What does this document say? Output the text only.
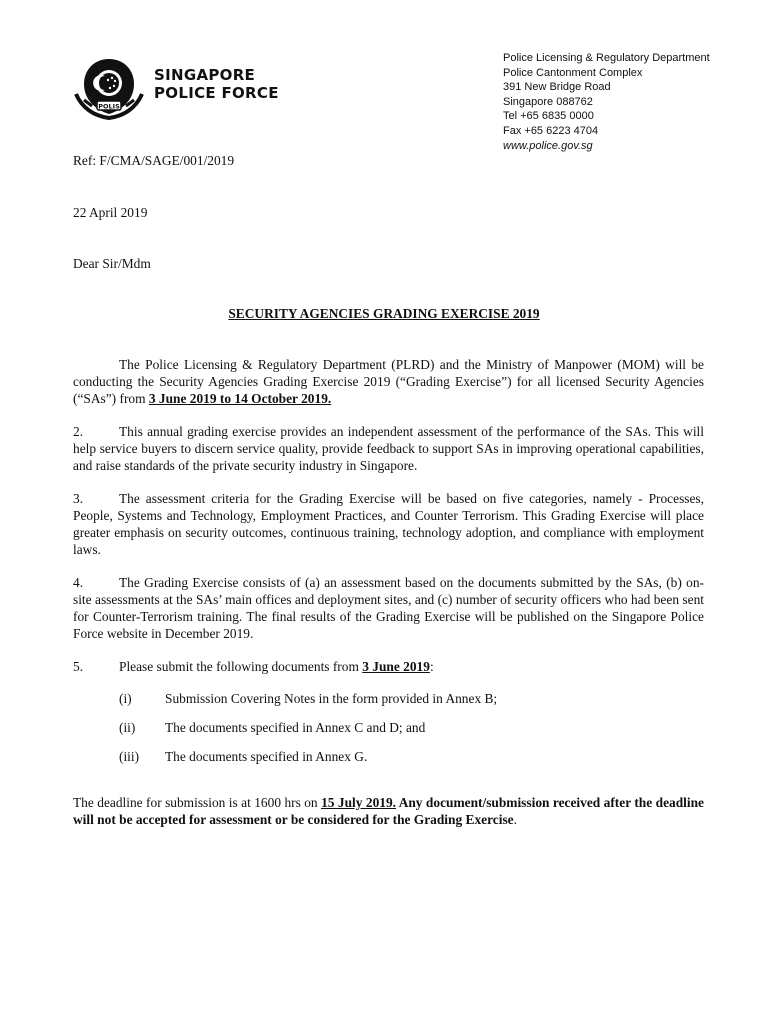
POLIS
SINGAPORE
POLICE FORCE
Police Licensing & Regulatory Department
Police Cantonment Complex
391 New Bridge Road
Singapore 088762
Tel +65 6835 0000
Fax +65 6223 4704
www.police.gov.sg
Ref: F/CMA/SAGE/001/2019
22 April 2019
Dear Sir/Mdm
SECURITY AGENCIES GRADING EXERCISE 2019
The Police Licensing & Regulatory Department (PLRD) and the Ministry of Manpower (MOM) will be conducting the Security Agencies Grading Exercise 2019 (“Grading Exercise”) for all licensed Security Agencies (“SAs”) from 3 June 2019 to 14 October 2019.
2.	This annual grading exercise provides an independent assessment of the performance of the SAs. This will help service buyers to discern service quality, provide feedback to support SAs in improving operational capabilities, and raise standards of the private security industry in Singapore.
3.	The assessment criteria for the Grading Exercise will be based on five categories, namely - Processes, People, Systems and Technology, Employment Practices, and Counter Terrorism. This Grading Exercise will place greater emphasis on security outcomes, continuous training, technology adoption, and compliance with employment laws.
4.	The Grading Exercise consists of (a) an assessment based on the documents submitted by the SAs, (b) on-site assessments at the SAs’ main offices and deployment sites, and (c) number of security officers who had been sent for Counter-Terrorism training. The final results of the Grading Exercise will be published on the Singapore Police Force website in December 2019.
5.	Please submit the following documents from 3 June 2019:
(i) Submission Covering Notes in the form provided in Annex B;
(ii) The documents specified in Annex C and D; and
(iii) The documents specified in Annex G.
The deadline for submission is at 1600 hrs on 15 July 2019. Any document/submission received after the deadline will not be accepted for assessment or be considered for the Grading Exercise.
